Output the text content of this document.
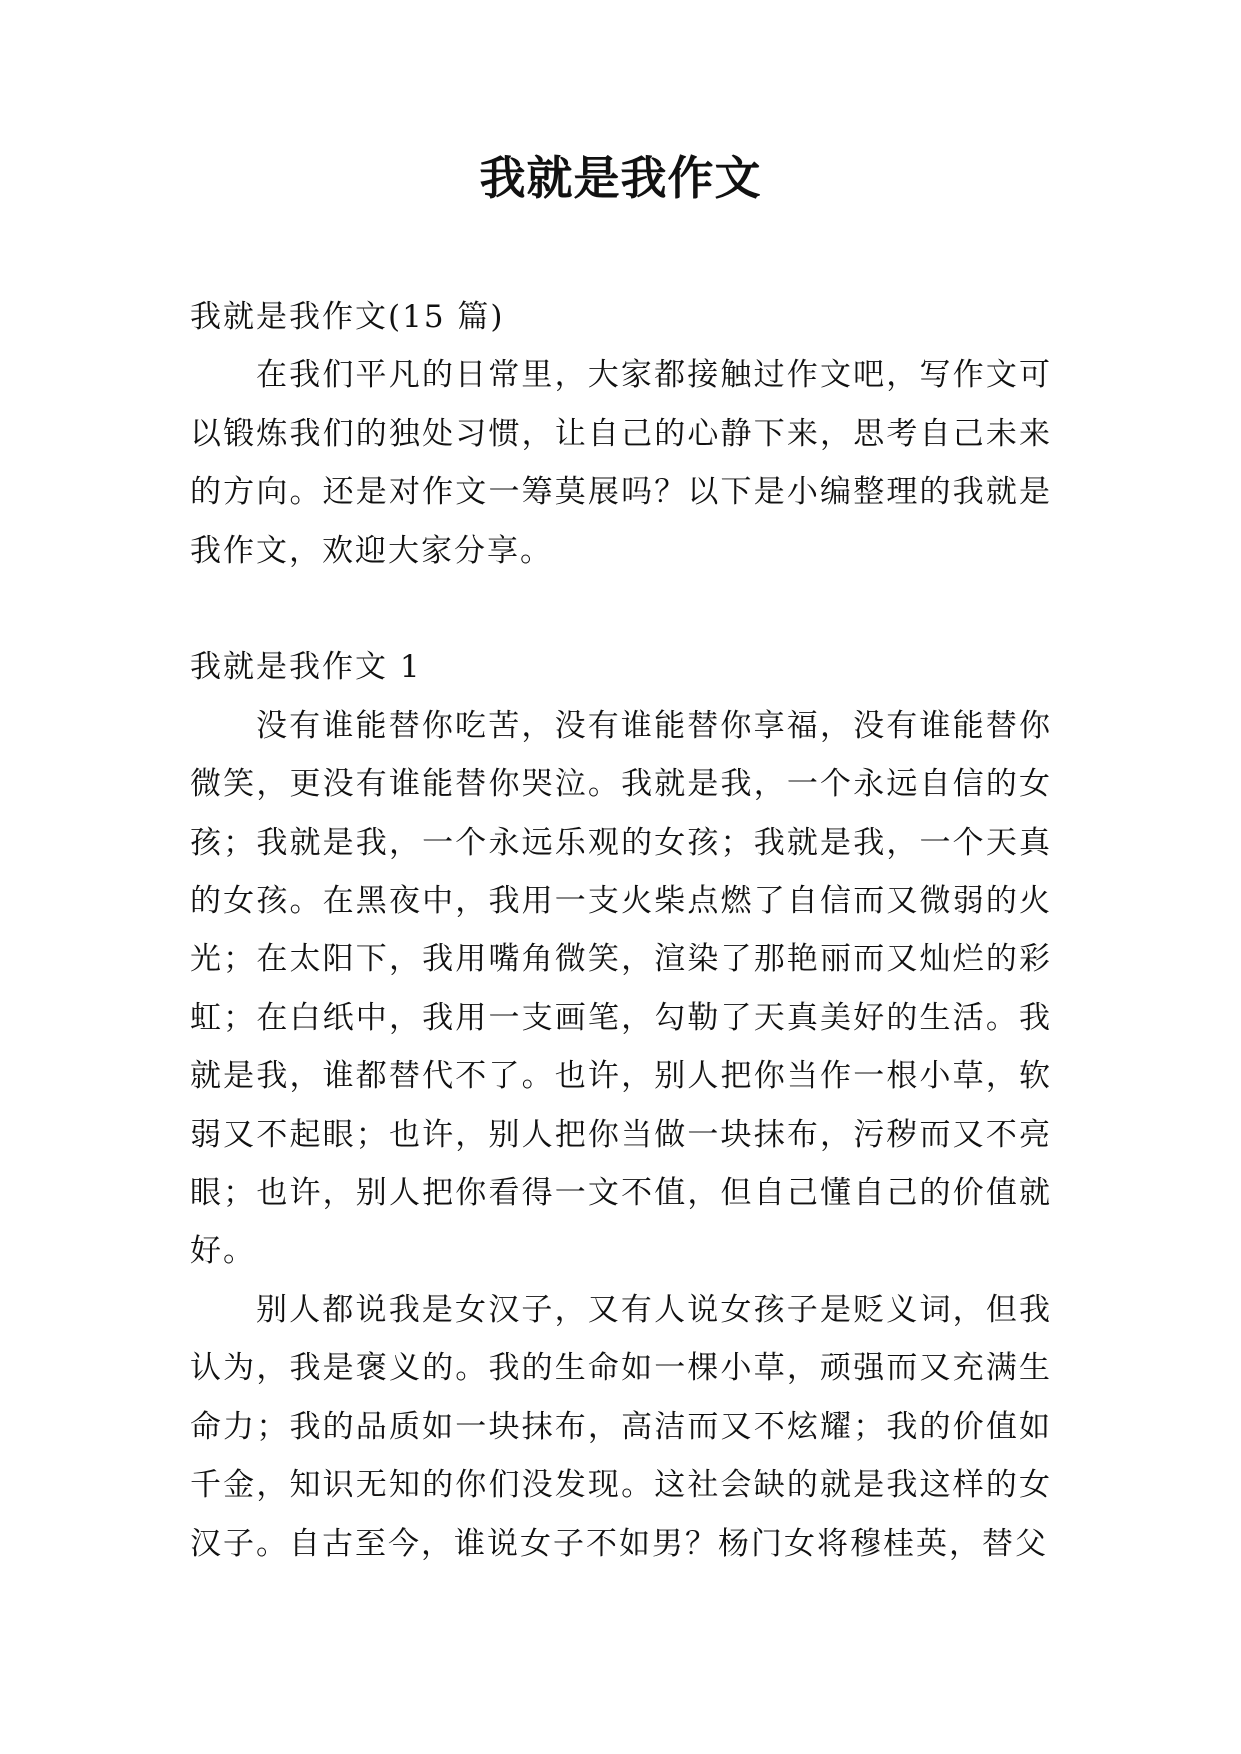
我就是我作文

我就是我作文(15 篇)

在我们平凡的日常里，大家都接触过作文吧，写作文可以锻炼我们的独处习惯，让自己的心静下来，思考自己未来的方向。还是对作文一筹莫展吗？以下是小编整理的我就是我作文，欢迎大家分享。

我就是我作文 1

没有谁能替你吃苦，没有谁能替你享福，没有谁能替你微笑，更没有谁能替你哭泣。我就是我，一个永远自信的女孩；我就是我，一个永远乐观的女孩；我就是我，一个天真的女孩。在黑夜中，我用一支火柴点燃了自信而又微弱的火光；在太阳下，我用嘴角微笑，渲染了那艳丽而又灿烂的彩虹；在白纸中，我用一支画笔，勾勒了天真美好的生活。我就是我，谁都替代不了。也许，别人把你当作一根小草，软弱又不起眼；也许，别人把你当做一块抹布，污秽而又不亮眼；也许，别人把你看得一文不值，但自己懂自己的价值就好。

别人都说我是女汉子，又有人说女孩子是贬义词，但我认为，我是褒义的。我的生命如一棵小草，顽强而又充满生命力；我的品质如一块抹布，高洁而又不炫耀；我的价值如千金，知识无知的你们没发现。这社会缺的就是我这样的女汉子。自古至今，谁说女子不如男？杨门女将穆桂英，替父
